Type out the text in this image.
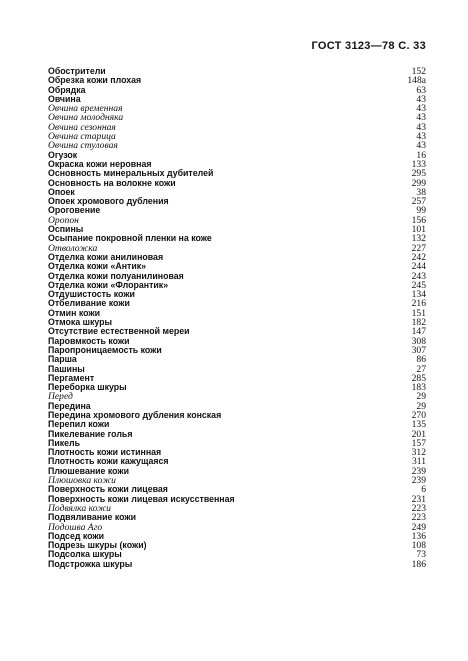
ГОСТ 3123—78 С. 33
Обострители	152
Обрезка кожи плохая	148а
Обрядка	63
Овчина	43
Овчина временная	43
Овчина молодняка	43
Овчина сезонная	43
Овчина старица	43
Овчина стуловая	43
Огузок	16
Окраска кожи неровная	133
Основность минеральных дубителей	295
Основность на волокне кожи	299
Опоек	38
Опоек хромового дубления	257
Ороговение	99
Оропон	156
Оспины	101
Осыпание покровной пленки на коже	132
Отволожка	227
Отделка кожи анилиновая	242
Отделка кожи «Антик»	244
Отделка кожи полуанилиновая	243
Отделка кожи «Флорантик»	245
Отдушистость кожи	134
Отбеливание кожи	216
Отмин кожи	151
Отмока шкуры	182
Отсутствие естественной мереи	147
Паровмкость кожи	308
Паропроницаемость кожи	307
Парша	86
Пашины	27
Пергамент	285
Переборка шкуры	183
Перед	29
Передина	29
Передина хромового дубления конская	270
Перепил кожи	135
Пикелевание голья	201
Пикель	157
Плотность кожи истинная	312
Плотность кожи кажущаяся	311
Плюшевание кожи	239
Плюшовка кожи	239
Поверхность кожи лицевая	6
Поверхность кожи лицевая искусственная	231
Подвялка кожи	223
Подвяливание кожи	223
Подошва Аго	249
Подсед кожи	136
Подрезь шкуры (кожи)	108
Подсолка шкуры	73
Подстрожка шкуры	186
